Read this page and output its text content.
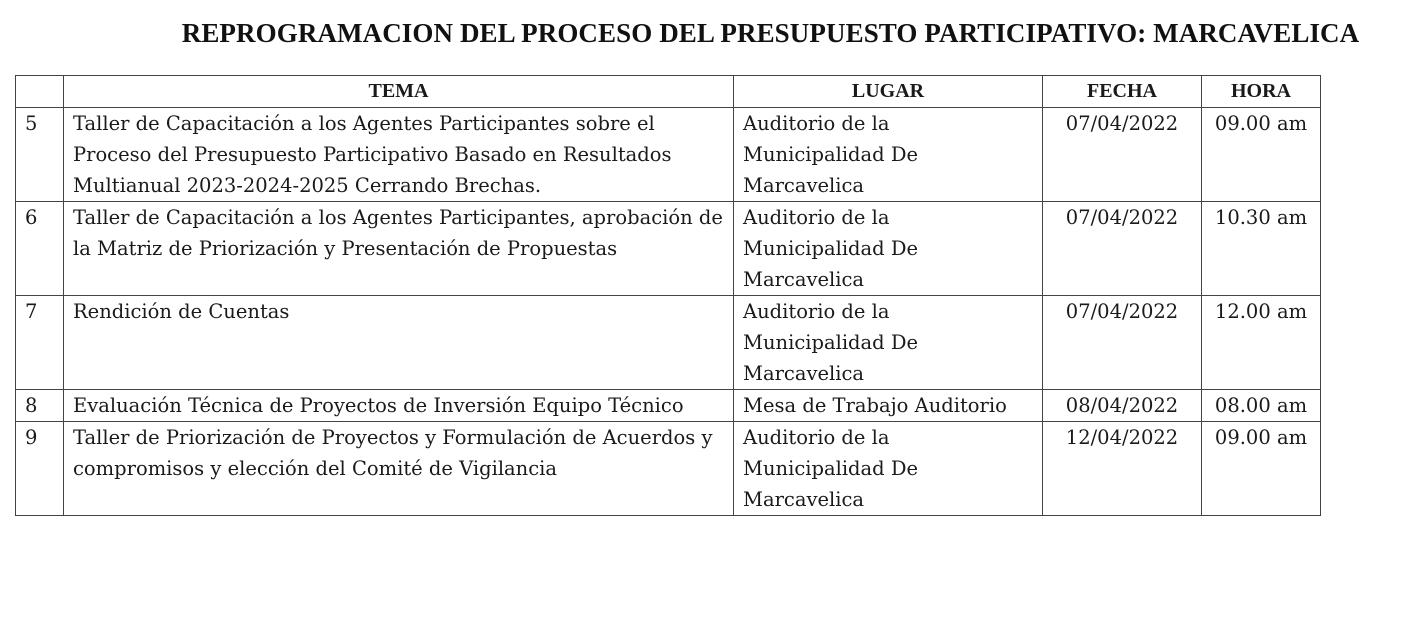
REPROGRAMACION DEL PROCESO DEL PRESUPUESTO PARTICIPATIVO: MARCAVELICA
	TEMA	LUGAR	FECHA	HORA
5	Taller de Capacitación a los Agentes Participantes sobre el Proceso del Presupuesto Participativo Basado en Resultados Multianual 2023-2024-2025 Cerrando Brechas.	Auditorio de la
Municipalidad De
Marcavelica	07/04/2022	09.00 am
6	Taller de Capacitación a los Agentes Participantes, aprobación de la Matriz de Priorización y Presentación de Propuestas	Auditorio de la
Municipalidad De
Marcavelica	07/04/2022	10.30 am
7	Rendición de Cuentas	Auditorio de la
Municipalidad De
Marcavelica	07/04/2022	12.00 am
8	Evaluación Técnica de Proyectos de Inversión Equipo Técnico	Mesa de Trabajo Auditorio	08/04/2022	08.00 am
9	Taller de Priorización de Proyectos y Formulación de Acuerdos y compromisos y elección del Comité de Vigilancia	Auditorio de la
Municipalidad De
Marcavelica	12/04/2022	09.00 am
